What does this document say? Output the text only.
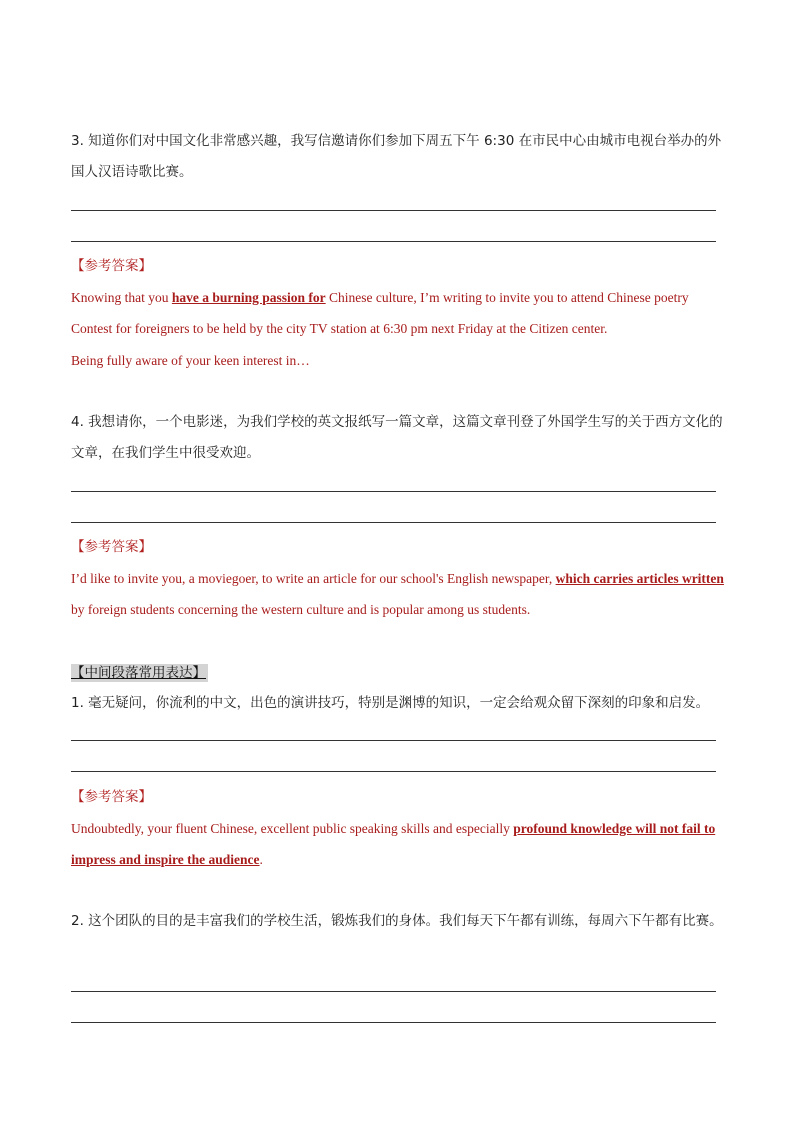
3. 知道你们对中国文化非常感兴趣，我写信邀请你们参加下周五下午 6:30 在市民中心由城市电视台举办的外国人汉语诗歌比赛。
【参考答案】
Knowing that you have a burning passion for Chinese culture, I’m writing to invite you to attend Chinese poetry Contest for foreigners to be held by the city TV station at 6:30 pm next Friday at the Citizen center.
Being fully aware of your keen interest in…
4. 我想请你，一个电影迷，为我们学校的英文报纸写一篇文章，这篇文章刊登了外国学生写的关于西方文化的文章，在我们学生中很受欢迎。
【参考答案】
I’d like to invite you, a moviegoer, to write an article for our school's English newspaper, which carries articles written by foreign students concerning the western culture and is popular among us students.
【中间段落常用表达】
1. 毫无疑问，你流利的中文，出色的演讲技巧，特别是渊博的知识，一定会给观众留下深刻的印象和启发。
【参考答案】
Undoubtedly, your fluent Chinese, excellent public speaking skills and especially profound knowledge will not fail to impress and inspire the audience.
2. 这个团队的目的是丰富我们的学校生活，锻炼我们的身体。我们每天下午都有训练，每周六下午都有比赛。
